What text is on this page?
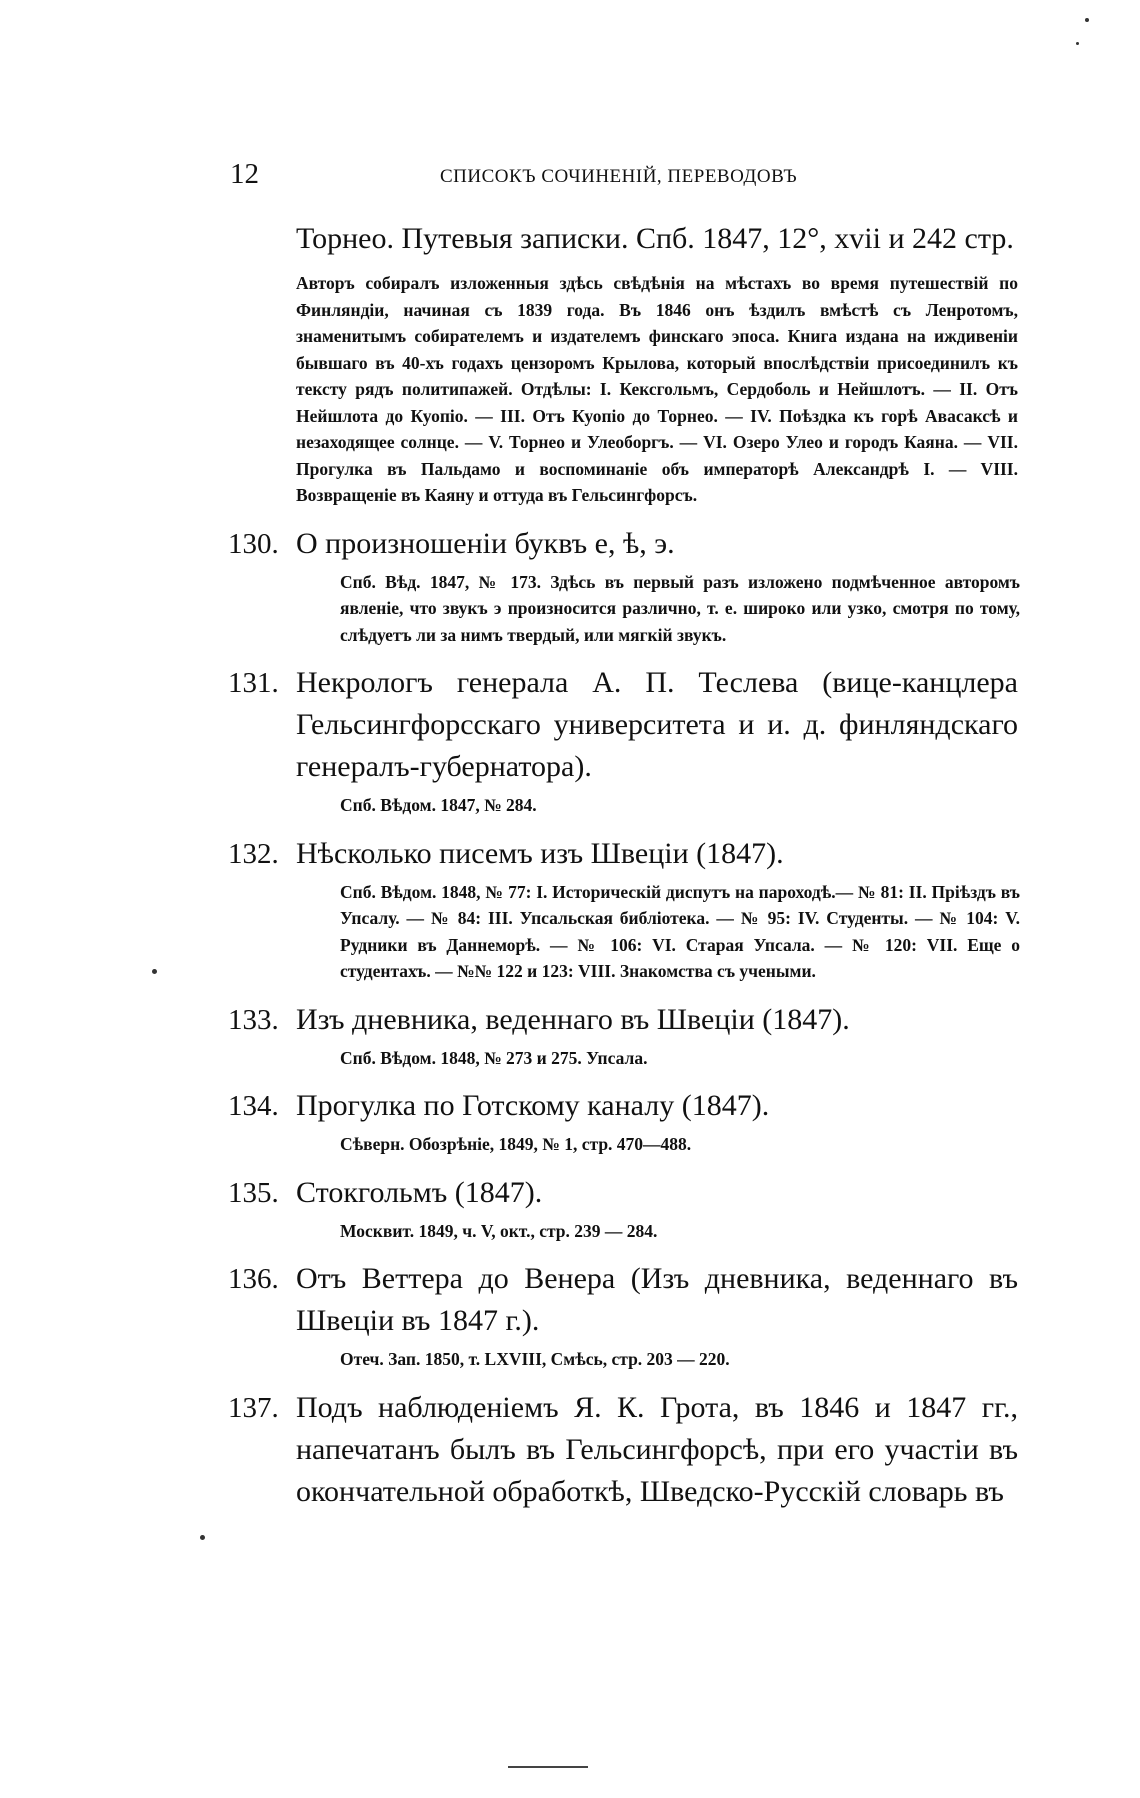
12	СПИСОКЪ СОЧИНЕНІЙ, ПЕРЕВОДОВЪ

Торнео. Путевыя записки. Спб. 1847, 12°, xvii и 242 стр.

Авторъ собиралъ изложенныя здѣсь свѣдѣнія на мѣстахъ во время путешествій по Финляндіи, начиная съ 1839 года. Въ 1846 онъ ѣздилъ вмѣстѣ съ Ленротомъ, знаменитымъ собирателемъ и издателемъ финскаго эпоса. Книга издана на иждивеніи бывшаго въ 40-хъ годахъ цензоромъ Крылова, который впослѣдствіи присоединилъ къ тексту рядъ политипажей. Отдѣлы: I. Кексгольмъ, Сердоболь и Нейшлотъ. — II. Отъ Нейшлота до Куопіо. — III. Отъ Куопіо до Торнео. — IV. Поѣздка къ горѣ Авасаксѣ и незаходящее солнце. — V. Торнео и Улеоборгъ. — VI. Озеро Улео и городъ Каяна. — VII. Прогулка въ Пальдамо и воспоминаніе объ императорѣ Александрѣ I. — VIII. Возвращеніе въ Каяну и оттуда въ Гельсингфорсъ.

130. О произношеніи буквъ е, ѣ, э.

Спб. Вѣд. 1847, № 173. Здѣсь въ первый разъ изложено подмѣченное авторомъ явленіе, что звукъ э произносится различно, т. е. широко или узко, смотря по тому, слѣдуетъ ли за нимъ твердый, или мягкій звукъ.

131. Некрологъ генерала А. П. Теслева (вице-канцлера Гельсингфорсскаго университета и и. д. финляндскаго генералъ-губернатора).

Спб. Вѣдом. 1847, № 284.

132. Нѣсколько писемъ изъ Швеціи (1847).

Спб. Вѣдом. 1848, № 77: I. Историческій диспутъ на пароходѣ.— № 81: II. Пріѣздъ въ Упсалу. — № 84: III. Упсальская библіотека. — № 95: IV. Студенты. — № 104: V. Рудники въ Даннеморѣ. — № 106: VI. Старая Упсала. — № 120: VII. Еще о студентахъ. — №№ 122 и 123: VIII. Знакомства съ учеными.

133. Изъ дневника, веденнаго въ Швеціи (1847).

Спб. Вѣдом. 1848, № 273 и 275. Упсала.

134. Прогулка по Готскому каналу (1847).

Сѣверн. Обозрѣніе, 1849, № 1, стр. 470—488.

135. Стокгольмъ (1847).

Москвит. 1849, ч. V, окт., стр. 239 — 284.

136. Отъ Веттера до Венера (Изъ дневника, веденнаго въ Швеціи въ 1847 г.).

Отеч. Зап. 1850, т. LXVIII, Смѣсь, стр. 203 — 220.

137. Подъ наблюденіемъ Я. К. Грота, въ 1846 и 1847 гг., напечатанъ былъ въ Гельсингфорсѣ, при его участіи въ окончательной обработкѣ, Шведско-Русскій словарь въ
